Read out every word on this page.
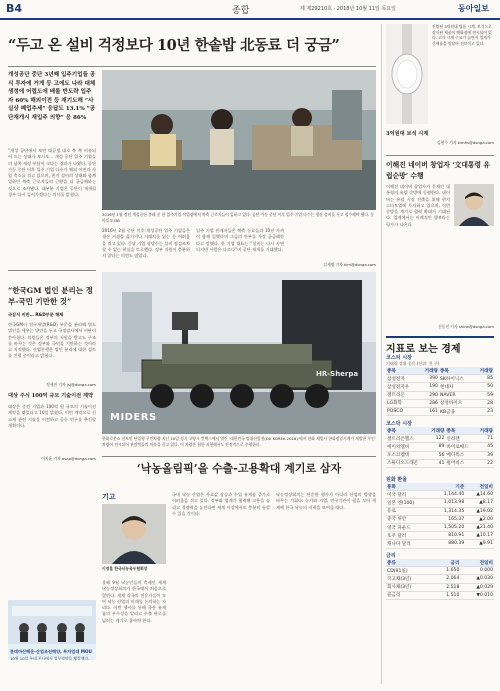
B4	종합	제 제29210호 · 2018년 10월 11일 목요일	동아일보
“두고 온 설비 걱정보다 10년 한솥밥 北동료 더 궁금”
개성공단 중단 3년째 입주기업들 공식 투자에 거게 등 고에도 나라 대체생정에 어렵도에 배를 반도략 입주자 60% 해외이전 등 재기도해 “사실상 폐업추세” 응답도 13.1% “공단재개시 재입주 의향” 응 86%
“개성 공단에서 보던 대공생 대로 북 쪽 비유되어 드는 상태가 보시오... 개성 공단 입주 기업들의 남쪽 재정 부담이 크다는 결과가 나왔다. 공단 가동 중단 이후 입주 기업 다수가 해외 이전과 사업 축소를 겪고 있으며, 현지 설비의 상태와 함께 일하던 북측 근로자들의 근황을 더 궁금해하는 것으로 조사됐다. 대부분 기업은 공단이 재개될 경우 다시 들어가겠다는 의사를 밝혔다.
2016년 1월 정인 개성공단 봉쇄 중 한 입주기업 작업장에서 북측 근로자들이 일하고 있다. 공단 가동 중단 이후 입주 기업 다수는 생산 설비를 두고 철수해야 했다. 동아일보 DB
2016년 2월 중단 이후 개성공단 입주 기업들은 생산 거점을 옮기거나 거래처를 잃는 등 어려움을 겪고 있다. 응답 기업 상당수는 설비 점검조차 할 수 없는 현실을 토로했다. 정부 지원이 충분하지 않다는 의견도 많았다.
입주 기업 관계자들은 북측 동료들과 10년 가까이 함께 일했다며 그들의 안부를 가장 궁금해한다고 말했다. 한 기업 대표는 “설비는 다시 사면 되지만 사람은 다르다”며 공단 재개를 기대했다.
김재영 기자 kim@donga.com
“한국GM 법인 분리는 정부-국민 기만한 것”
국감서 비판… R&D부문 해체
한국GM이 연구개발(R&D) 부문을 분리해 별도 법인을 세우는 방안을 두고 국정감사에서 비판이 쏟아졌다. 의원들은 정부의 지원을 받고도 구조를 바꾸는 것은 정부와 국민을 기만하는 것이라고 지적했다. 산업은행은 법인 분리에 대한 검토를 진행 중이라고 밝혔다.
정세진 기자 jsj@donga.com
대상 주식 100억 규모 기술이전 계약
대상은 중견 기업과 100억 원 규모의 기술이전 계약을 맺었다고 10일 밝혔다. 이번 계약으로 신소재 관련 기술을 이전하고 공동 연구를 추진할 계획이다.
이지윤 기자 asap@donga.com
롯데마산해운·산업조선해양, 투자업대 MOU
10월 10일 롯데 본사에서 업무협약을 체결했다.
MIDERS
HR-Sherpa
한화로봇쇼 선보인 단일형 무인차량 지난 10일 경기 고양시 킨텍스에서 열린 ‘대한민국 방위산업전(DX KOREA 2018)’에서 한화 계열사 한화정밀기계가 개발한 무인 차량이 전시되어 관람객들의 이목을 끌고 있다. 이 차량은 험한 지형에서도 안정적으로 주행한다.
‘낙농올림픽’을 수출-고용확대 계기로 삼자
기고
이영훈 한국낙농육우협회장
올해 9월 낙농인들의 축제인 세계낙농정상회의가 한국에서 처음으로 열린다. 세계 각국의 전문가들이 모여 낙농 산업의 미래를 논의하는 자리다. 이번 행사를 통해 국산 유제품의 우수성을 알리고 수출 판로를 넓히는 계기로 삼아야 한다.
국내 낙농 산업은 사료값 상승과 수입 유제품 증가로 어려움을 겪고 있다. 정부와 업계가 협력해 고용을 늘리고 경쟁력을 높인다면 세계 시장에서도 충분히 통할 수 있을 것이다.
낙농정상회의는 단순한 행사가 아니라 산업의 방향을 바꾸는 기회다. 농가와 기업, 연구기관이 힘을 모아 세계에 한국 낙농의 저력을 보여줄 때다.
진열된 3억원대 명품 시계. 보석으로 장식된 제품이 백화점에 전시되어 있다. 고가 시계 수요가 늘면서 업계가 신제품을 잇달아 선보이고 있다.
3억원대 보석 시계
김현수 기자 kimhs@donga.com
이해진 네이버 창업자 ‘文대통령 유럽순방’ 수행
이해진 네이버 창업자가 문재인 대통령의 유럽 순방에 동행한다. 네이버는 유럽 시장 진출을 위해 현지 스타트업에 투자하고 있으며, 이번 순방을 계기로 협력 확대가 기대된다. 업계에서는 이례적인 행보라는 평가가 나온다.
신동진 기자 shine@donga.com
지표로 보는 경제
코스피 시장
거래량 상위 종목 (단위: 천 주)
종목	거래량	종목	거래량
삼성전자	390	SK하이닉스	85
삼성전자우	190	현대차	50
셀트리온	290	NAVER	59
LG화학	286	삼성바이오	28
POSCO	161	KB금융	23
코스닥 시장
종목	거래량	종목	거래량
셀트리온헬스	122	신라젠	71
에이치엘비	89	바이로메드	45
포스코켐텍	56	메디톡스	39
스튜디오드래곤	41	펄어비스	22
원화 환율
통화	기준	전일비
미국 달러	1,144.40	▲14.60
일본 엔(100)	1,013.98	▲8.17
유로	1,314.35	▲19.02
중국 위안	165.37	▲2.00
영국 파운드	1,505.20	▲21.40
호주 달러	810.91	▲10.17
캐나다 달러	880.39	▲9.91
금리
종류	금리	전일비
CD(91일)	1.650	0.000
국고채(3년)	2.064	▲0.030
회사채(3년)	2.518	▲0.029
콜금리	1.510	▼0.010
